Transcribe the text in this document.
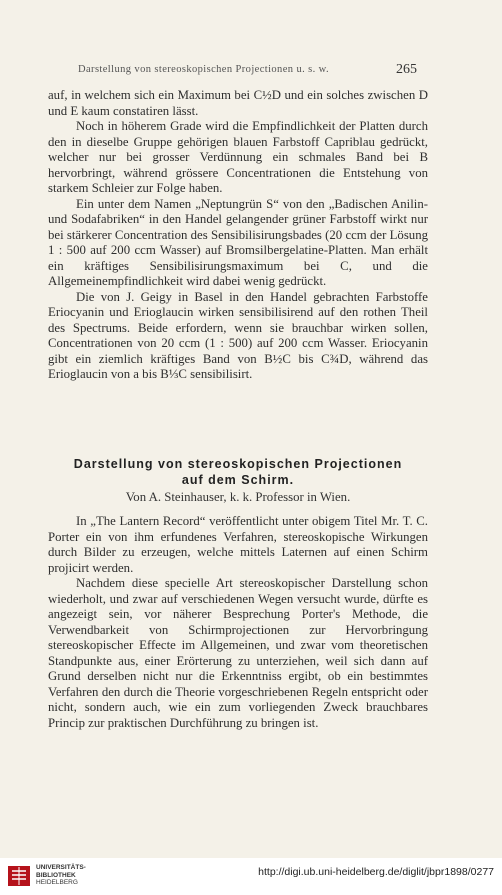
Darstellung von stereoskopischen Projectionen u. s. w.	265

auf, in welchem sich ein Maximum bei C½D und ein solches zwischen D und E kaum constatiren lässt.

Noch in höherem Grade wird die Empfindlichkeit der Platten durch den in dieselbe Gruppe gehörigen blauen Farbstoff Capriblau gedrückt, welcher nur bei grosser Verdünnung ein schmales Band bei B hervorbringt, während grössere Concentrationen die Entstehung von starkem Schleier zur Folge haben.

Ein unter dem Namen „Neptungrün S“ von den „Badischen Anilin- und Sodafabriken“ in den Handel gelangender grüner Farbstoff wirkt nur bei stärkerer Concentration des Sensibilisirungsbades (20 ccm der Lösung 1 : 500 auf 200 ccm Wasser) auf Bromsilbergelatine-Platten. Man erhält ein kräftiges Sensibilisirungsmaximum bei C, und die Allgemeinempfindlichkeit wird dabei wenig gedrückt.

Die von J. Geigy in Basel in den Handel gebrachten Farbstoffe Eriocyanin und Erioglaucin wirken sensibilisirend auf den rothen Theil des Spectrums. Beide erfordern, wenn sie brauchbar wirken sollen, Concentrationen von 20 ccm (1 : 500) auf 200 ccm Wasser. Eriocyanin gibt ein ziemlich kräftiges Band von B½C bis C¾D, während das Erioglaucin von a bis B⅓C sensibilisirt.

Darstellung von stereoskopischen Projectionen
auf dem Schirm.
Von A. Steinhauser, k. k. Professor in Wien.

In „The Lantern Record“ veröffentlicht unter obigem Titel Mr. T. C. Porter ein von ihm erfundenes Verfahren, stereoskopische Wirkungen durch Bilder zu erzeugen, welche mittels Laternen auf einen Schirm projicirt werden.

Nachdem diese specielle Art stereoskopischer Darstellung schon wiederholt, und zwar auf verschiedenen Wegen versucht wurde, dürfte es angezeigt sein, vor näherer Besprechung Porter's Methode, die Verwendbarkeit von Schirmprojectionen zur Hervorbringung stereoskopischer Effecte im Allgemeinen, und zwar vom theoretischen Standpunkte aus, einer Erörterung zu unterziehen, weil sich dann auf Grund derselben nicht nur die Erkenntniss ergibt, ob ein bestimmtes Verfahren den durch die Theorie vorgeschriebenen Regeln entspricht oder nicht, sondern auch, wie ein zum vorliegenden Zweck brauchbares Princip zur praktischen Durchführung zu bringen ist.

UNIVERSITÄTS-
BIBLIOTHEK
HEIDELBERG
http://digi.ub.uni-heidelberg.de/diglit/jbpr1898/0277
